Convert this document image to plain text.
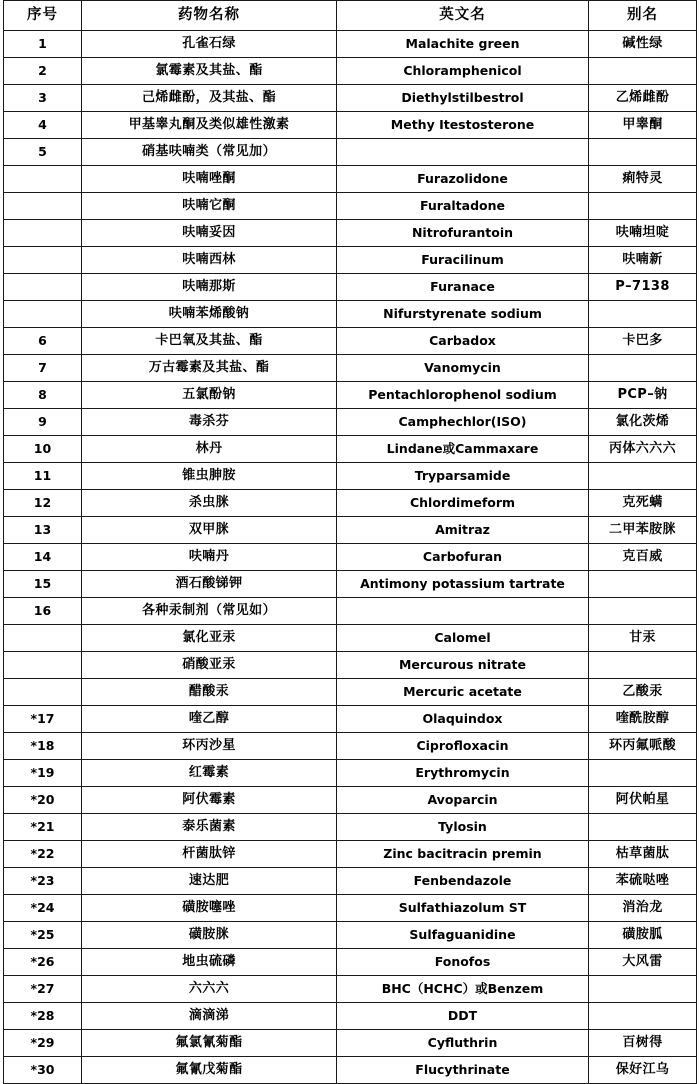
序号	药物名称	英文名	别名
1	孔雀石绿	Malachite green	碱性绿
2	氯霉素及其盐、酯	Chloramphenicol	
3	己烯雌酚，及其盐、酯	Diethylstilbestrol	乙烯雌酚
4	甲基睾丸酮及类似雄性激素	Methy Itestosterone	甲睾酮
5	硝基呋喃类（常见加）		
	呋喃唑酮	Furazolidone	痢特灵
	呋喃它酮	Furaltadone	
	呋喃妥因	Nitrofurantoin	呋喃坦啶
	呋喃西林	Furacilinum	呋喃新
	呋喃那斯	Furanace	P–7138
	呋喃苯烯酸钠	Nifurstyrenate sodium	
6	卡巴氧及其盐、酯	Carbadox	卡巴多
7	万古霉素及其盐、酯	Vanomycin	
8	五氯酚钠	Pentachlorophenol sodium	PCP–钠
9	毒杀芬	Camphechlor(ISO)	氯化茨烯
10	林丹	Lindane或Cammaxare	丙体六六六
11	锥虫胂胺	Tryparsamide	
12	杀虫脒	Chlordimeform	克死螨
13	双甲脒	Amitraz	二甲苯胺脒
14	呋喃丹	Carbofuran	克百威
15	酒石酸锑钾	Antimony potassium tartrate	
16	各种汞制剂（常见如）		
	氯化亚汞	Calomel	甘汞
	硝酸亚汞	Mercurous nitrate	
	醋酸汞	Mercuric acetate	乙酸汞
*17	喹乙醇	Olaquindox	喹酰胺醇
*18	环丙沙星	Ciprofloxacin	环丙氟哌酸
*19	红霉素	Erythromycin	
*20	阿伏霉素	Avoparcin	阿伏帕星
*21	泰乐菌素	Tylosin	
*22	杆菌肽锌	Zinc bacitracin premin	枯草菌肽
*23	速达肥	Fenbendazole	苯硫哒唑
*24	磺胺噻唑	Sulfathiazolum ST	消治龙
*25	磺胺脒	Sulfaguanidine	磺胺胍
*26	地虫硫磷	Fonofos	大风雷
*27	六六六	BHC（HCHC）或Benzem	
*28	滴滴涕	DDT	
*29	氟氯氰菊酯	Cyfluthrin	百树得
*30	氟氰戊菊酯	Flucythrinate	保好江乌
